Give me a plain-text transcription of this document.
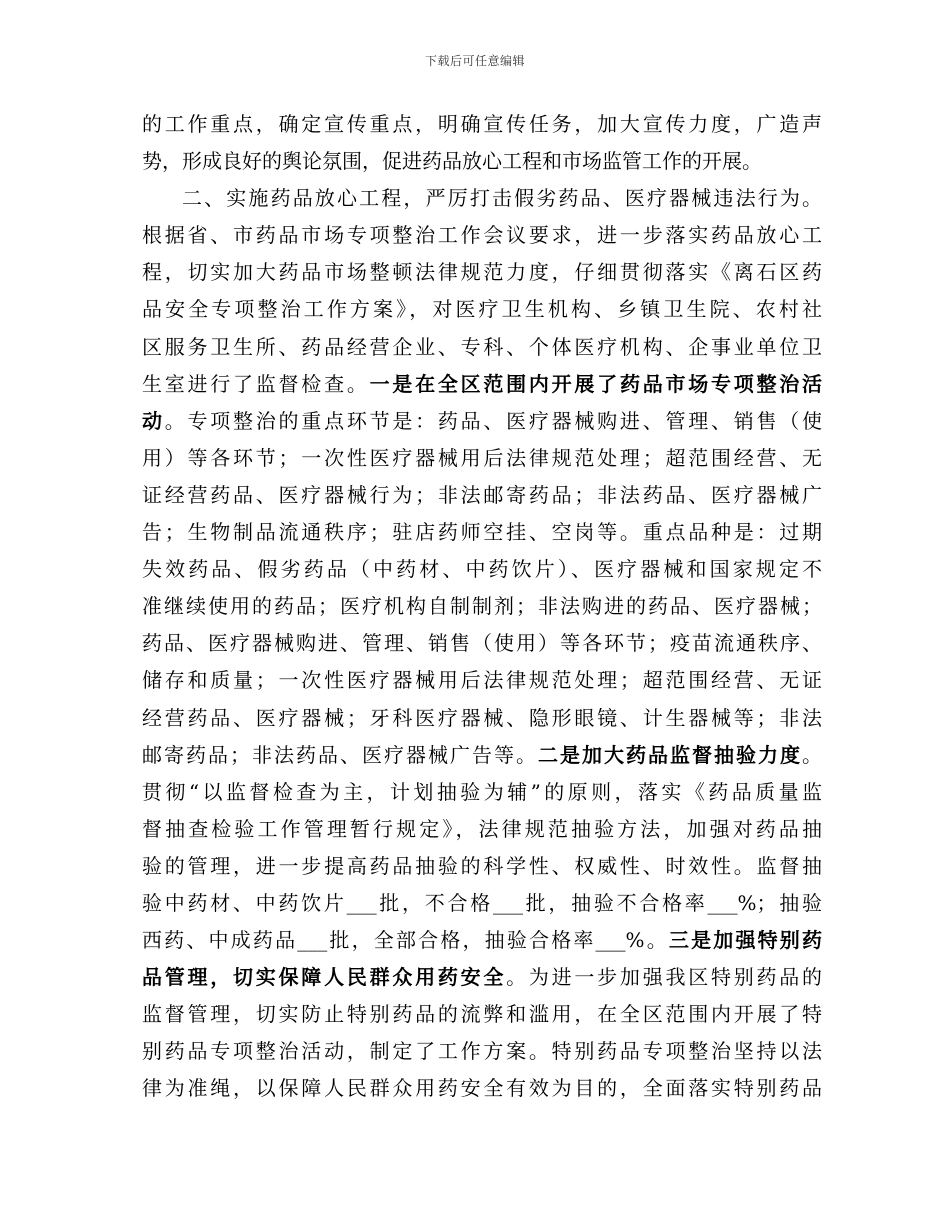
下载后可任意编辑
的工作重点，确定宣传重点，明确宣传任务，加大宣传力度，广造声
势，形成良好的舆论氛围，促进药品放心工程和市场监管工作的开展。
二、实施药品放心工程，严厉打击假劣药品、医疗器械违法行为。
根据省、市药品市场专项整治工作会议要求，进一步落实药品放心工
程，切实加大药品市场整顿法律规范力度，仔细贯彻落实《离石区药
品安全专项整治工作方案》，对医疗卫生机构、乡镇卫生院、农村社
区服务卫生所、药品经营企业、专科、个体医疗机构、企事业单位卫
生室进行了监督检查。一是在全区范围内开展了药品市场专项整治活
动。专项整治的重点环节是：药品、医疗器械购进、管理、销售（使
用）等各环节；一次性医疗器械用后法律规范处理；超范围经营、无
证经营药品、医疗器械行为；非法邮寄药品；非法药品、医疗器械广
告；生物制品流通秩序；驻店药师空挂、空岗等。重点品种是：过期
失效药品、假劣药品（中药材、中药饮片）、医疗器械和国家规定不
准继续使用的药品；医疗机构自制制剂；非法购进的药品、医疗器械；
药品、医疗器械购进、管理、销售（使用）等各环节；疫苗流通秩序、
储存和质量；一次性医疗器械用后法律规范处理；超范围经营、无证
经营药品、医疗器械；牙科医疗器械、隐形眼镜、计生器械等；非法
邮寄药品；非法药品、医疗器械广告等。二是加大药品监督抽验力度。
贯彻“以监督检查为主，计划抽验为辅”的原则，落实《药品质量监
督抽查检验工作管理暂行规定》，法律规范抽验方法，加强对药品抽
验的管理，进一步提高药品抽验的科学性、权威性、时效性。监督抽
验中药材、中药饮片___批，不合格___批，抽验不合格率___%；抽验
西药、中成药品___批，全部合格，抽验合格率___%。三是加强特别药
品管理，切实保障人民群众用药安全。为进一步加强我区特别药品的
监督管理，切实防止特别药品的流弊和滥用，在全区范围内开展了特
别药品专项整治活动，制定了工作方案。特别药品专项整治坚持以法
律为准绳，以保障人民群众用药安全有效为目的，全面落实特别药品
